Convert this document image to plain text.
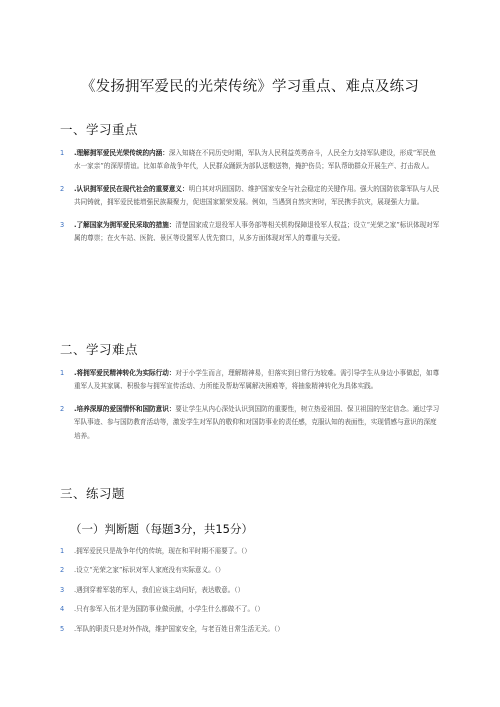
《发扬拥军爱民的光荣传统》学习重点、难点及练习
一、学习重点
1 .理解拥军爱民光荣传统的内涵：深入知晓在不同历史时期，军队为人民利益英勇奋斗，人民全力支持军队建设，形成“军民鱼水一家亲”的深厚情谊。比如革命战争年代，人民群众踊跃为部队送粮送物，掩护伤员；军队帮助群众开展生产、打击敌人。
2 .认识拥军爱民在现代社会的重要意义：明白其对巩固国防、维护国家安全与社会稳定的关键作用。强大的国防依靠军队与人民共同铸就，拥军爱民能增强民族凝聚力，促进国家繁荣发展。例如，当遇到自然灾害时，军民携手抗灾，展现强大力量。
3 .了解国家为拥军爱民采取的措施：清楚国家成立退役军人事务部等相关机构保障退役军人权益；设立“光荣之家”标识体现对军属的尊崇；在火车站、医院、景区等设置军人优先窗口，从多方面体现对军人的尊重与关爱。
二、学习难点
1 .将拥军爱民精神转化为实际行动：对于小学生而言，理解精神易，但落实到日常行为较难。需引导学生从身边小事做起，如尊重军人及其家属、积极参与拥军宣传活动、力所能及帮助军属解决困难等，将抽象精神转化为具体实践。
2 .培养深厚的爱国情怀和国防意识：要让学生从内心深处认识到国防的重要性，树立热爱祖国、保卫祖国的坚定信念。通过学习军队事迹、参与国防教育活动等，激发学生对军队的敬仰和对国防事业的责任感，克服认知的表面性，实现情感与意识的深度培养。
三、练习题
（一）判断题（每题3分，共15分）
1 .拥军爱民只是战争年代的传统，现在和平时期不需要了。（）
2 .设立“光荣之家”标识对军人家庭没有实际意义。（）
3 .遇到穿着军装的军人，我们应该主动问好，表达敬意。（）
4 .只有参军入伍才是为国防事业做贡献，小学生什么都做不了。（）
5 .军队的职责只是对外作战，维护国家安全，与老百姓日常生活无关。（）
